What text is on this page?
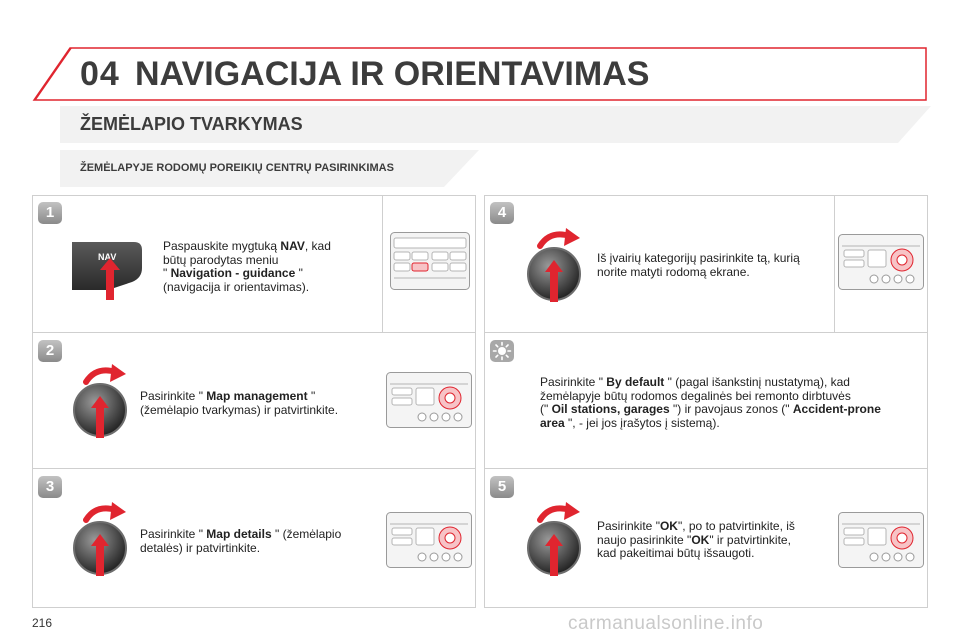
04 NAVIGACIJA IR ORIENTAVIMAS
ŽEMĖLAPIO TVARKYMAS
ŽEMĖLAPYJE RODOMŲ POREIKIŲ CENTRŲ PASIRINKIMAS
1
2
3
4
5
Paspauskite mygtuką NAV, kad
būtų parodytas meniu
" Navigation - guidance "
(navigacija ir orientavimas).
Pasirinkite " Map management "
(žemėlapio tvarkymas) ir patvirtinkite.
Pasirinkite " Map details " (žemėlapio
detalės) ir patvirtinkite.
Iš įvairių kategorijų pasirinkite tą, kurią
norite matyti rodomą ekrane.
Pasirinkite " By default " (pagal išankstinį nustatymą), kad
žemėlapyje būtų rodomos degalinės bei remonto dirbtuvės
(" Oil stations, garages ") ir pavojaus zonos (" Accident-prone
area ", - jei jos įrašytos į sistemą).
Pasirinkite "OK", po to patvirtinkite, iš
naujo pasirinkite "OK" ir patvirtinkite,
kad pakeitimai būtų išsaugoti.
NAV
216	carmanualsonline.info
